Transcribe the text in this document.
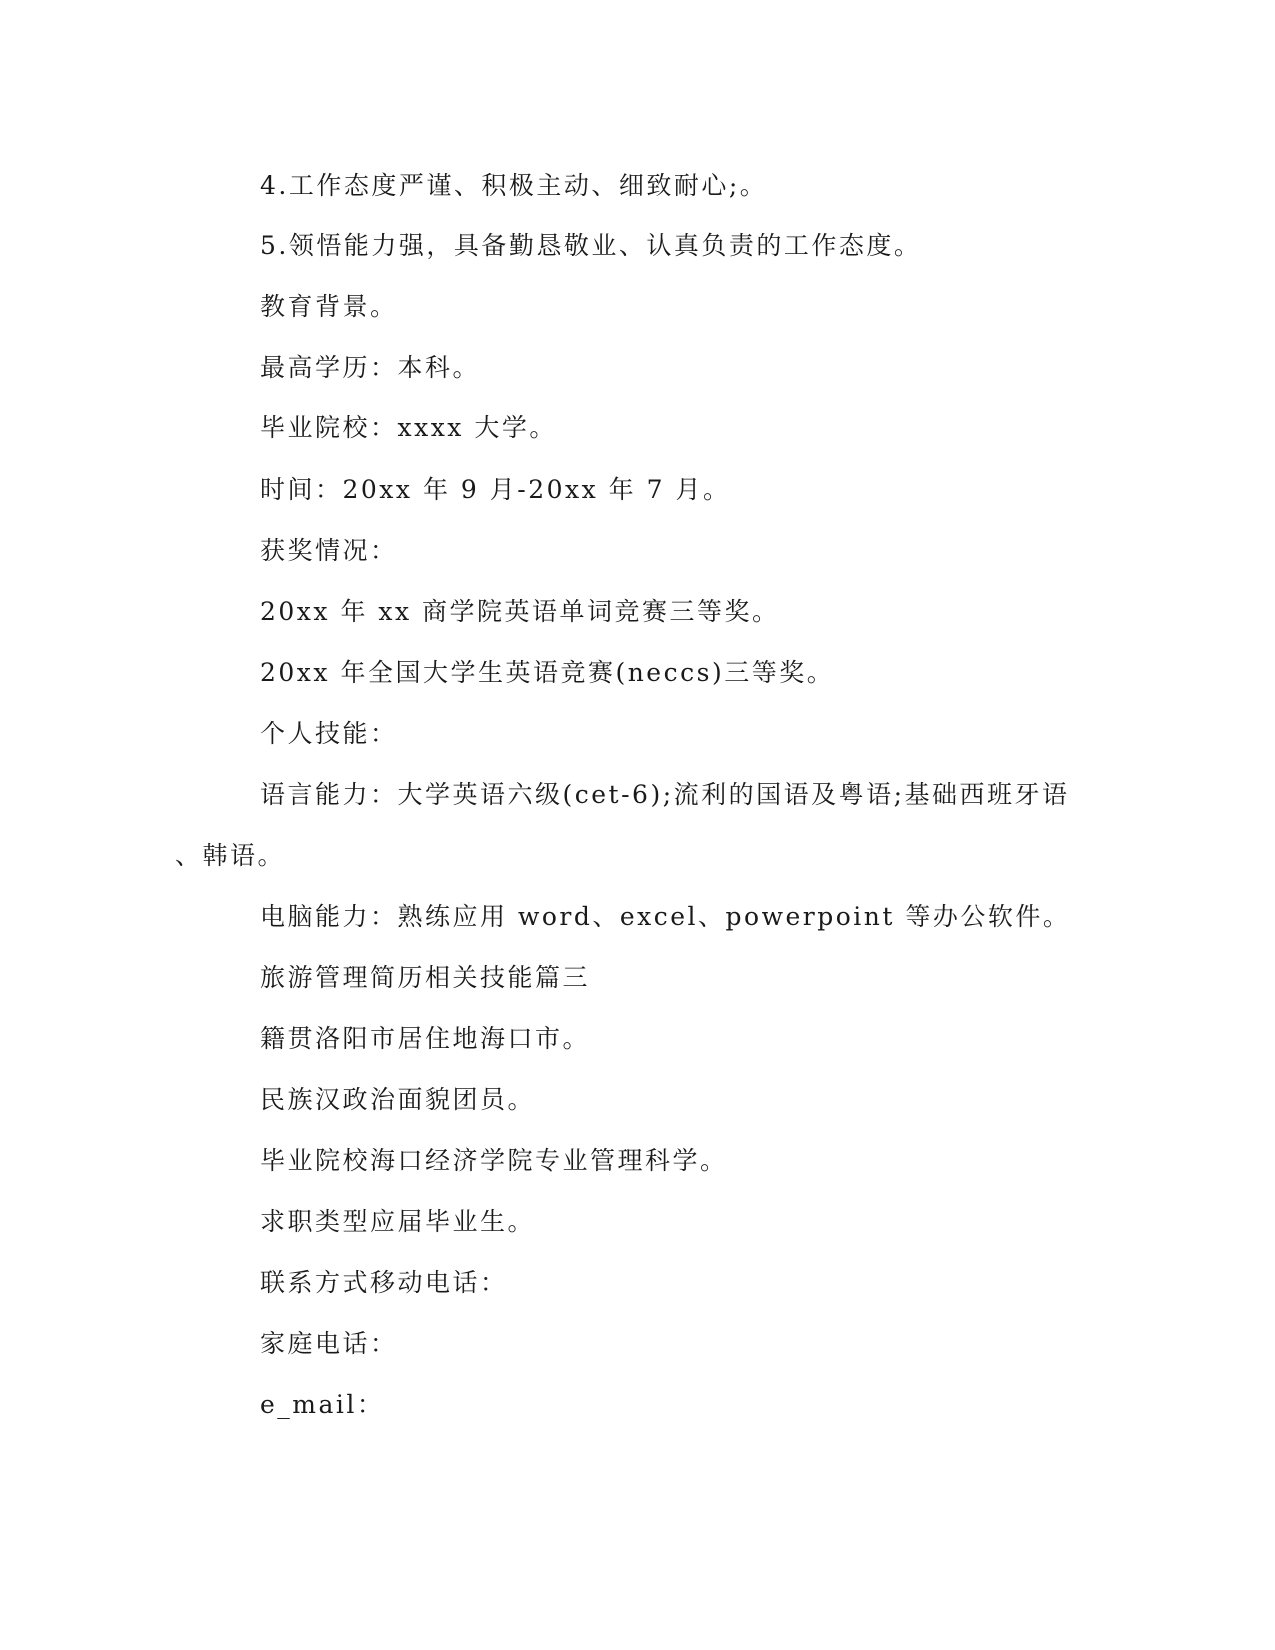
4.工作态度严谨、积极主动、细致耐心;。
5.领悟能力强，具备勤恳敬业、认真负责的工作态度。
教育背景。
最高学历：本科。
毕业院校：xxxx 大学。
时间：20xx 年 9 月-20xx 年 7 月。
获奖情况：
20xx 年 xx 商学院英语单词竞赛三等奖。
20xx 年全国大学生英语竞赛(neccs)三等奖。
个人技能：
语言能力：大学英语六级(cet-6);流利的国语及粤语;基础西班牙语
、韩语。
电脑能力：熟练应用 word、excel、powerpoint 等办公软件。
旅游管理简历相关技能篇三
籍贯洛阳市居住地海口市。
民族汉政治面貌团员。
毕业院校海口经济学院专业管理科学。
求职类型应届毕业生。
联系方式移动电话：
家庭电话：
e_mail：
